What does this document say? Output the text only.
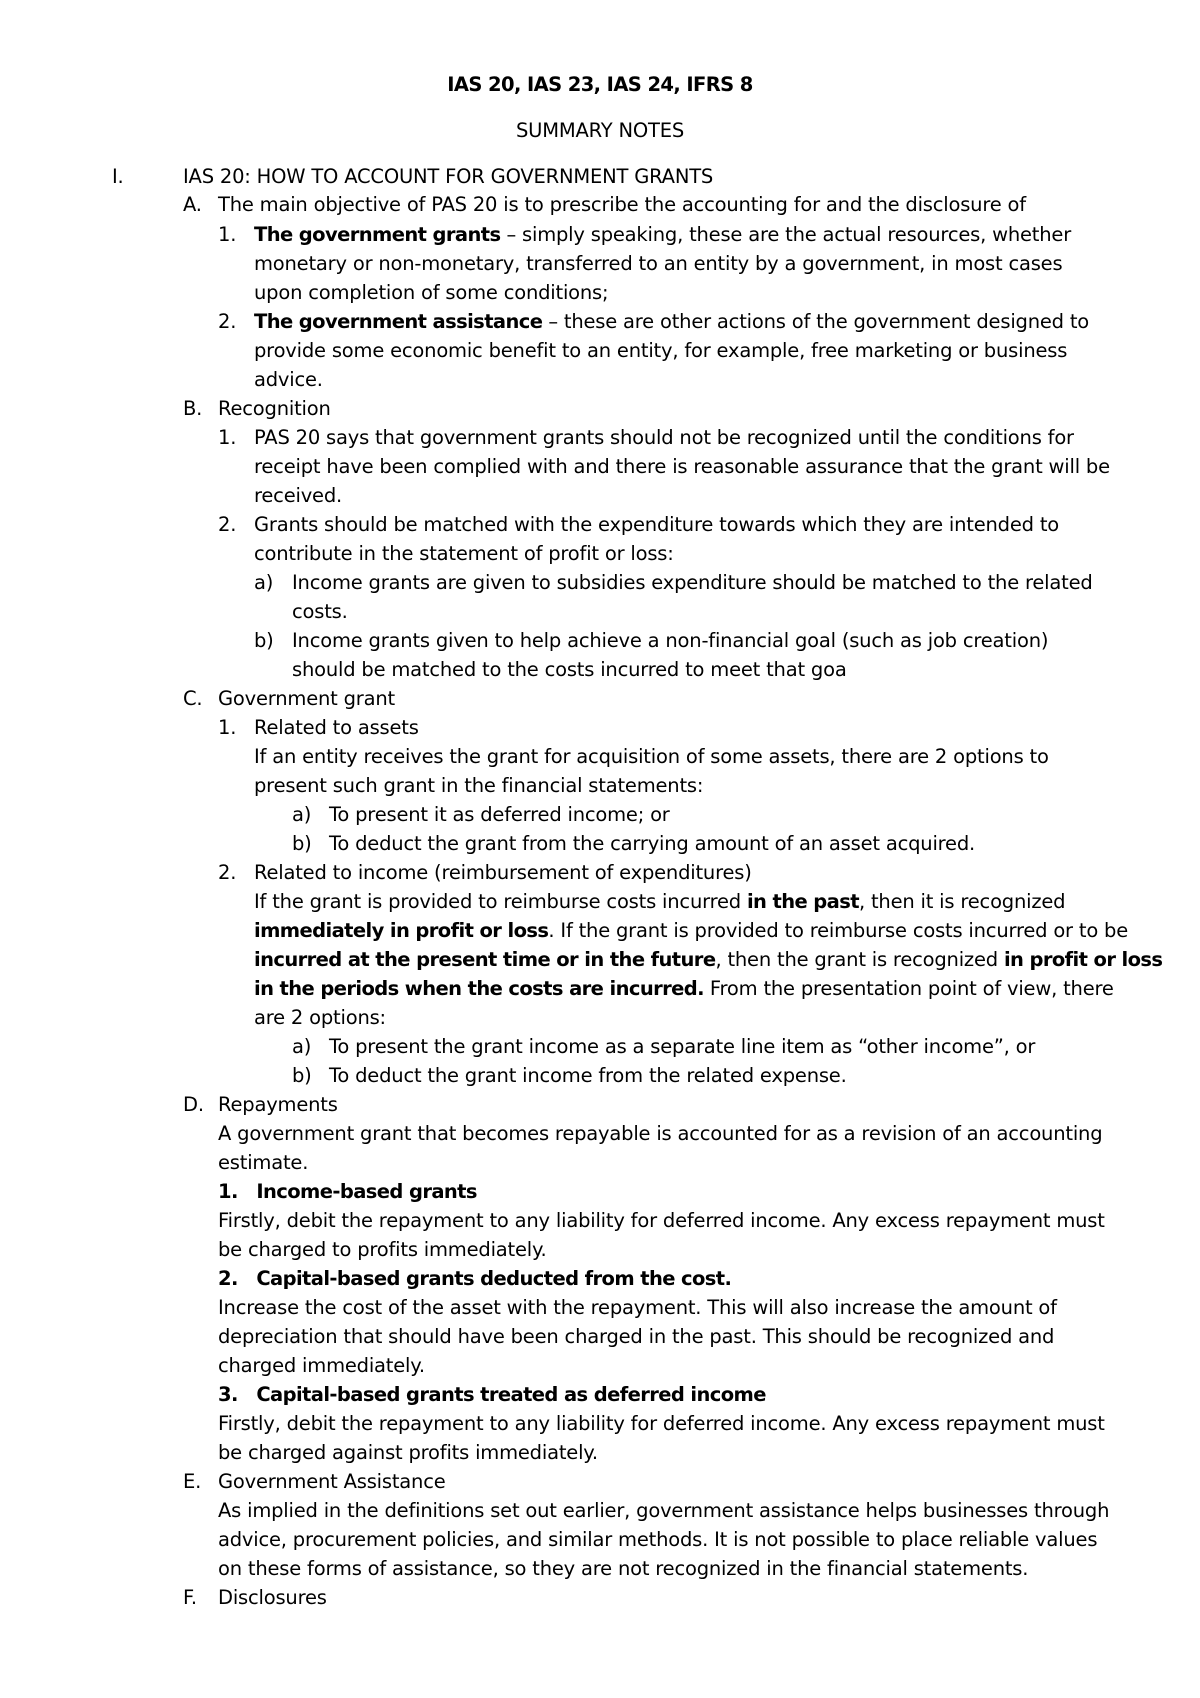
IAS 20, IAS 23, IAS 24, IFRS 8
SUMMARY NOTES
I.	IAS 20: HOW TO ACCOUNT FOR GOVERNMENT GRANTS
A. The main objective of PAS 20 is to prescribe the accounting for and the disclosure of
1. The government grants – simply speaking, these are the actual resources, whether
monetary or non-monetary, transferred to an entity by a government, in most cases
upon completion of some conditions;
2. The government assistance – these are other actions of the government designed to
provide some economic benefit to an entity, for example, free marketing or business
advice.
B. Recognition
1. PAS 20 says that government grants should not be recognized until the conditions for
receipt have been complied with and there is reasonable assurance that the grant will be
received.
2. Grants should be matched with the expenditure towards which they are intended to
contribute in the statement of profit or loss:
a) Income grants are given to subsidies expenditure should be matched to the related
costs.
b) Income grants given to help achieve a non-financial goal (such as job creation)
should be matched to the costs incurred to meet that goa
C. Government grant
1. Related to assets
If an entity receives the grant for acquisition of some assets, there are 2 options to
present such grant in the financial statements:
a) To present it as deferred income; or
b) To deduct the grant from the carrying amount of an asset acquired.
2. Related to income (reimbursement of expenditures)
If the grant is provided to reimburse costs incurred in the past, then it is recognized
immediately in profit or loss. If the grant is provided to reimburse costs incurred or to be
incurred at the present time or in the future, then the grant is recognized in profit or loss
in the periods when the costs are incurred. From the presentation point of view, there
are 2 options:
a) To present the grant income as a separate line item as “other income”, or
b) To deduct the grant income from the related expense.
D. Repayments
A government grant that becomes repayable is accounted for as a revision of an accounting
estimate.
1.   Income-based grants
Firstly, debit the repayment to any liability for deferred income. Any excess repayment must
be charged to profits immediately.
2.   Capital-based grants deducted from the cost.
Increase the cost of the asset with the repayment. This will also increase the amount of
depreciation that should have been charged in the past. This should be recognized and
charged immediately.
3.   Capital-based grants treated as deferred income
Firstly, debit the repayment to any liability for deferred income. Any excess repayment must
be charged against profits immediately.
E. Government Assistance
As implied in the definitions set out earlier, government assistance helps businesses through
advice, procurement policies, and similar methods. It is not possible to place reliable values
on these forms of assistance, so they are not recognized in the financial statements.
F. Disclosures
